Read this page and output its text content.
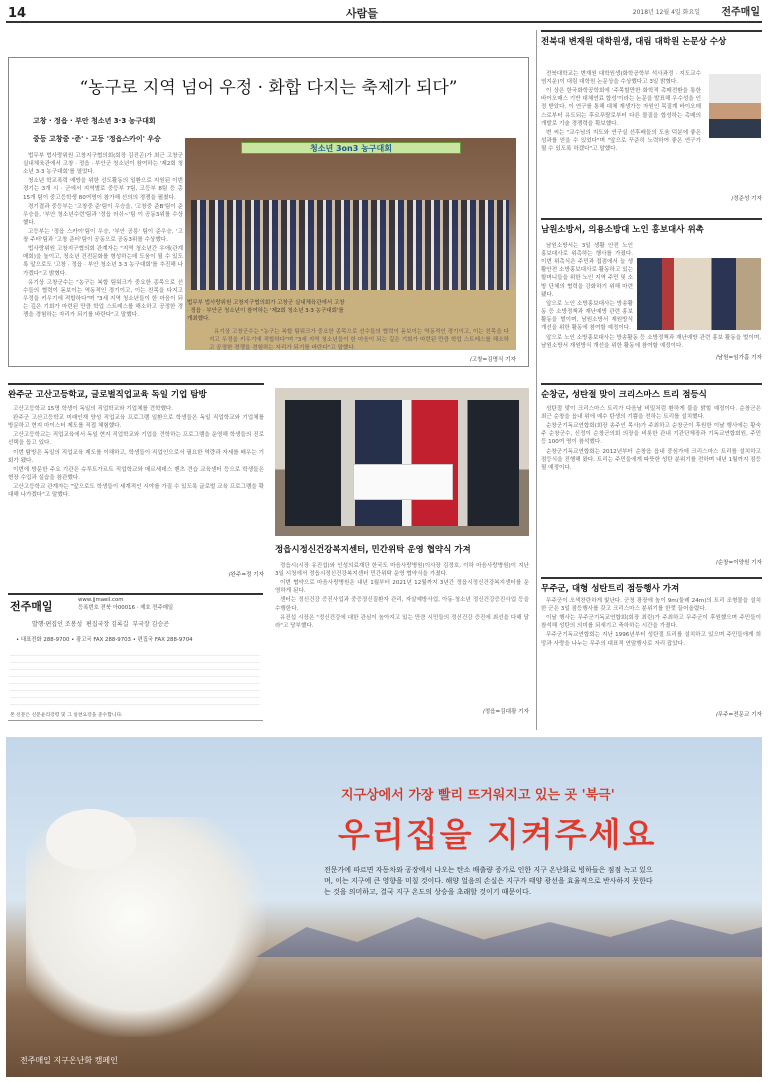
14	사람들	2018년 12월 4일 화요일 전주매일
“농구로 지역 넘어 우정 · 화합 다지는 축제가 되다”
고창 · 정읍 · 부안 청소년 3·3 농구대회
중등 고창중 ·준' · 고등 '정읍스카이' 우승

법무부 법사랑위원 고창지구협의회(회장 김진곤)가 최근 고창군 실내체육관에서 고창 · 정읍 · 부안군 청소년이 참여하는 '제2회 청소년 3·3 농구대회'를 열었다.

청소년 학교폭력 예방을 위한 선도활동의 일환으로 지원된 이번 경기는 3개 시 · 군에서 지역별로 중등부 7팀, 고등부 8팀 등 총 15개 팀이 중고등학생 80여명이 참가해 선의의 경쟁을 펼쳤다.

경기결과 중등부는 '고창중 준'팀이 우승을, '고창중 준B'팀이 준우승을, '부안 청소년수련'팀과 '정읍 러쉬~'팀 이 공동3위를 수상했다.

고등부는 '정읍 스카이'팀이 우승, '부안 공릉' 팀이 준우승, '고창 주터'팀과 '고창 준터'팀이 공동으로 공동3위를 수상했다.

법사랑위원 고창지구협의회 관계자는 "지역 청소년간 우애(관계 매회)을 높이고, 청소년 건전문화를 형성하는데 도움이 될 수 있도록 앞으로도 '고창 · 정읍 · 부안 청소년 3·3 농구대회'를 추진해 나가겠다"고 밝혔다.

유기상 고창군수는 "농구는 복합 팀워크가 중요한 종목으로 선수들의 협력이 돋보이는 역동적인 경기이고, 이는 친목을 다지고 우정을 키우기에 적합하다"며 "3세 지역 청소년들이 한 마음이 되는 깊은 기회가 마련된 만큼 학업 스트레스를 해소하고 공정한 경쟁을 경험하는 자리가 되기를 바란다"고 말했다.

청소년 3on3 농구대회
법무부 법사랑위원 고창지구협의회가 고창군 실내체육관에서 고창 · 정읍 · 부안군 청소년이 참여하는 '제2회 청소년 3·3 농구대회'를 개최했다.

유기상 고창군수는 "농구는 복합 팀워크가 중요한 종목으로 선수들의 협력이 돋보이는 역동적인 경기이고, 이는 친목을 다지고 우정을 키우기에 적합하다"며 "3세 지역 청소년들이 한 마음이 되는 깊은 기회가 마련된 만큼 학업 스트레스를 해소하고 공정한 경쟁을 경험하는 자리가 되기를 바란다"고 말했다.

/고창=김명식 기자
전북대 변재원 대학원생, 대림 대학원 논문상 수상

전북대학교는 변재원 대학원생(화학공학부 석사과정 · 지도교수 염지운)이 대림 대학원 논문상을 수상했다고 3일 밝혔다.

이 상은 한국화학공학회에 '주목할만한 화학적 촉매전환을 통한 바이오매스 기반 대체연료 합성'이라는 논문을 발표해 우수성을 인정 받았다. 이 연구를 통해 대체 재생가능 자원인 목질계 바이오매스로부터 유도되는 후르푸랄로부터 다른 물질을 합성하는 촉매의 개발로 기술 경쟁력을 확보했다.

변 씨는 "교수님의 지도와 연구실 선후배들의 도움 덕분에 좋은 성과를 얻을 수 있었다"며 "앞으로 꾸준히 노력하여 좋은 연구가 될 수 있도록 하겠다"고 말했다.

/정준성 기자
남원소방서, 의용소방대 노인 홍보대사 위촉

남원소방서는 3일 생활 안전 노인 홍보대사로 위촉하는 행사를 가졌다. 이번 위촉식은 주민과 접점에서 늘 생활안전 소방홍보대사로 활동하고 있는 할머니들을 위한 노인 지역 주민 및 소방 단체의 협력을 강화하기 위해 마련됐다.

앞으로 노인 소방홍보대사는 방송활동 등 소방정책과 재난예방 관련 홍보 활동을 벌이며, 남원소방서 재원방식 개선을 위한 활동에 참여할 예정이다.

앞으로 노인 소방홍보대사는 방송활동 등 소방정책과 재난예방 관련 홍보 활동을 벌이며, 남원소방서 재원방식 개선을 위한 활동에 참여할 예정이다.

/남원=임가흠 기자
순창군, 성탄절 맞이 크리스마스 트리 점등식

성탄절 맞이 크리스마스 트리가 다음날 비밀처럼 환하게 불을 밝힐 예정이다. 순창군은 최근 순창을 읍내 위에 예수 탄생의 기쁨을 전하는 트리를 설치했다.

순창군기독교연합회(회장 송주인 목사)가 주최하고 순창군이 후원한 이날 행사에는 황숙주 순창군수, 신정이 순창군의회 의장을 비롯한 관내 기관단체장과 기독교연합회원, 주민 등 100여 명이 참석했다.

순창군기독교연합회는 2012년부터 순창읍 읍내 중심가에 크리스마스 트리를 설치하고 점등식을 진행해 왔다. 트리는 주민들에게 따뜻한 성탄 분위기를 전하며 내년 1월까지 점등될 예정이다.

/순창=이양원 기자
무주군, 대형 성탄트리 점등행사 가져

무주군이 오색찬란하게 빛난다. 군청 광장에 높이 9m(둘레 24m)의 트리 조형물을 설치한 군은 3일 점등행사를 갖고 크리스마스 분위기를 한껏 끌어올렸다.

이날 행사는 무주군기독교연합회(회장 최린)가 주최하고 무주군이 후원했으며 주민들이 참석해 성탄의 의미를 되새기고 축하하는 시간을 가졌다.

무주군기독교연합회는 지난 1996년부터 성탄절 트리를 설치하고 있으며 주민들에게 희망과 사랑을 나누는 무주의 대표적 연말행사로 자리 잡았다.

/무주=전문교 기자
완주군 고산고등학교, 글로벌직업교육 독일 기업 탐방

고산고등학교 15명 학생이 독일의 직업학교와 기업체를 견학했다.

완주군 고산고등학교 미래인재 양성 직업교육 프로그램 일환으로 학생들은 독일 직업학교와 기업체를 방문하고 현지 마이스터 제도를 직접 체험했다.

고산고등학교는 직업교육에서 독일 현지 직업학교와 기업을 견학하는 프로그램을 운영해 학생들의 진로 선택을 돕고 있다.

이번 탐방은 독일의 직업교육 제도를 이해하고, 학생들이 직업인으로서 필요한 역량과 자세를 배우는 기회가 됐다.

이번에 방문한 주요 기관은 슈투트가르트 직업학교와 메르세데스 벤츠 견습 교육센터 등으로 학생들은 현장 수업과 실습을 참관했다.

고산고등학교 관계자는 "앞으로도 학생들이 세계적인 시야를 가질 수 있도록 글로벌 교육 프로그램을 확대해 나가겠다"고 말했다.

/완주=정 기자
전주매일	www.jjmaeil.com
등록번호 전북 아00016 · 제호 전주매일
발행·편집인 조봉성 편집국장 김록길 부국장 김승곤
• 대표전화 288-9700 • 광고국 FAX 288-9703 • 편집국 FAX 288-9704
본 신문은 신문윤리강령 및 그 실천요강을 준수합니다.
정읍시정신건강복지센터, 민간위탁 운영 협약식 가져

정읍시(시장 유진섭)와 인성의료재단 한국도 마음사랑병원(이사장 김정호, 이하 마음사랑병원)이 지난 3일 시청에서 정읍시정신건강복지센터 민간위탁 운영 협약식을 가졌다.

이번 협약으로 마음사랑병원은 내년 1월부터 2021년 12월까지 3년간 정읍시정신건강복지센터를 운영하게 된다.

센터는 정신건강 증진사업과 중증정신질환자 관리, 자살예방사업, 아동·청소년 정신건강증진사업 등을 수행한다.

유진섭 시장은 "정신건강에 대한 관심이 높아지고 있는 만큼 시민들의 정신건강 증진에 최선을 다해 달라"고 당부했다.

/정읍=김대광 기자
지구상에서 가장 빨리 뜨거워지고 있는 곳 '북극'
우리집을 지켜주세요
전문가에 따르면 자동차와 공장에서 나오는 탄소 배출량 증가로 인한 지구 온난화로 빙하들은 점점 녹고 있으며, 이는 지구에 큰 영향을 미칠 것이다. 해양 얼음의 손실은 지구가 태양 광선을 효율적으로 반사하지 못한다는 것을 의미하고, 결국 지구 온도의 상승을 초래할 것이기 때문이다.
전주매일 지구온난화 캠페인
